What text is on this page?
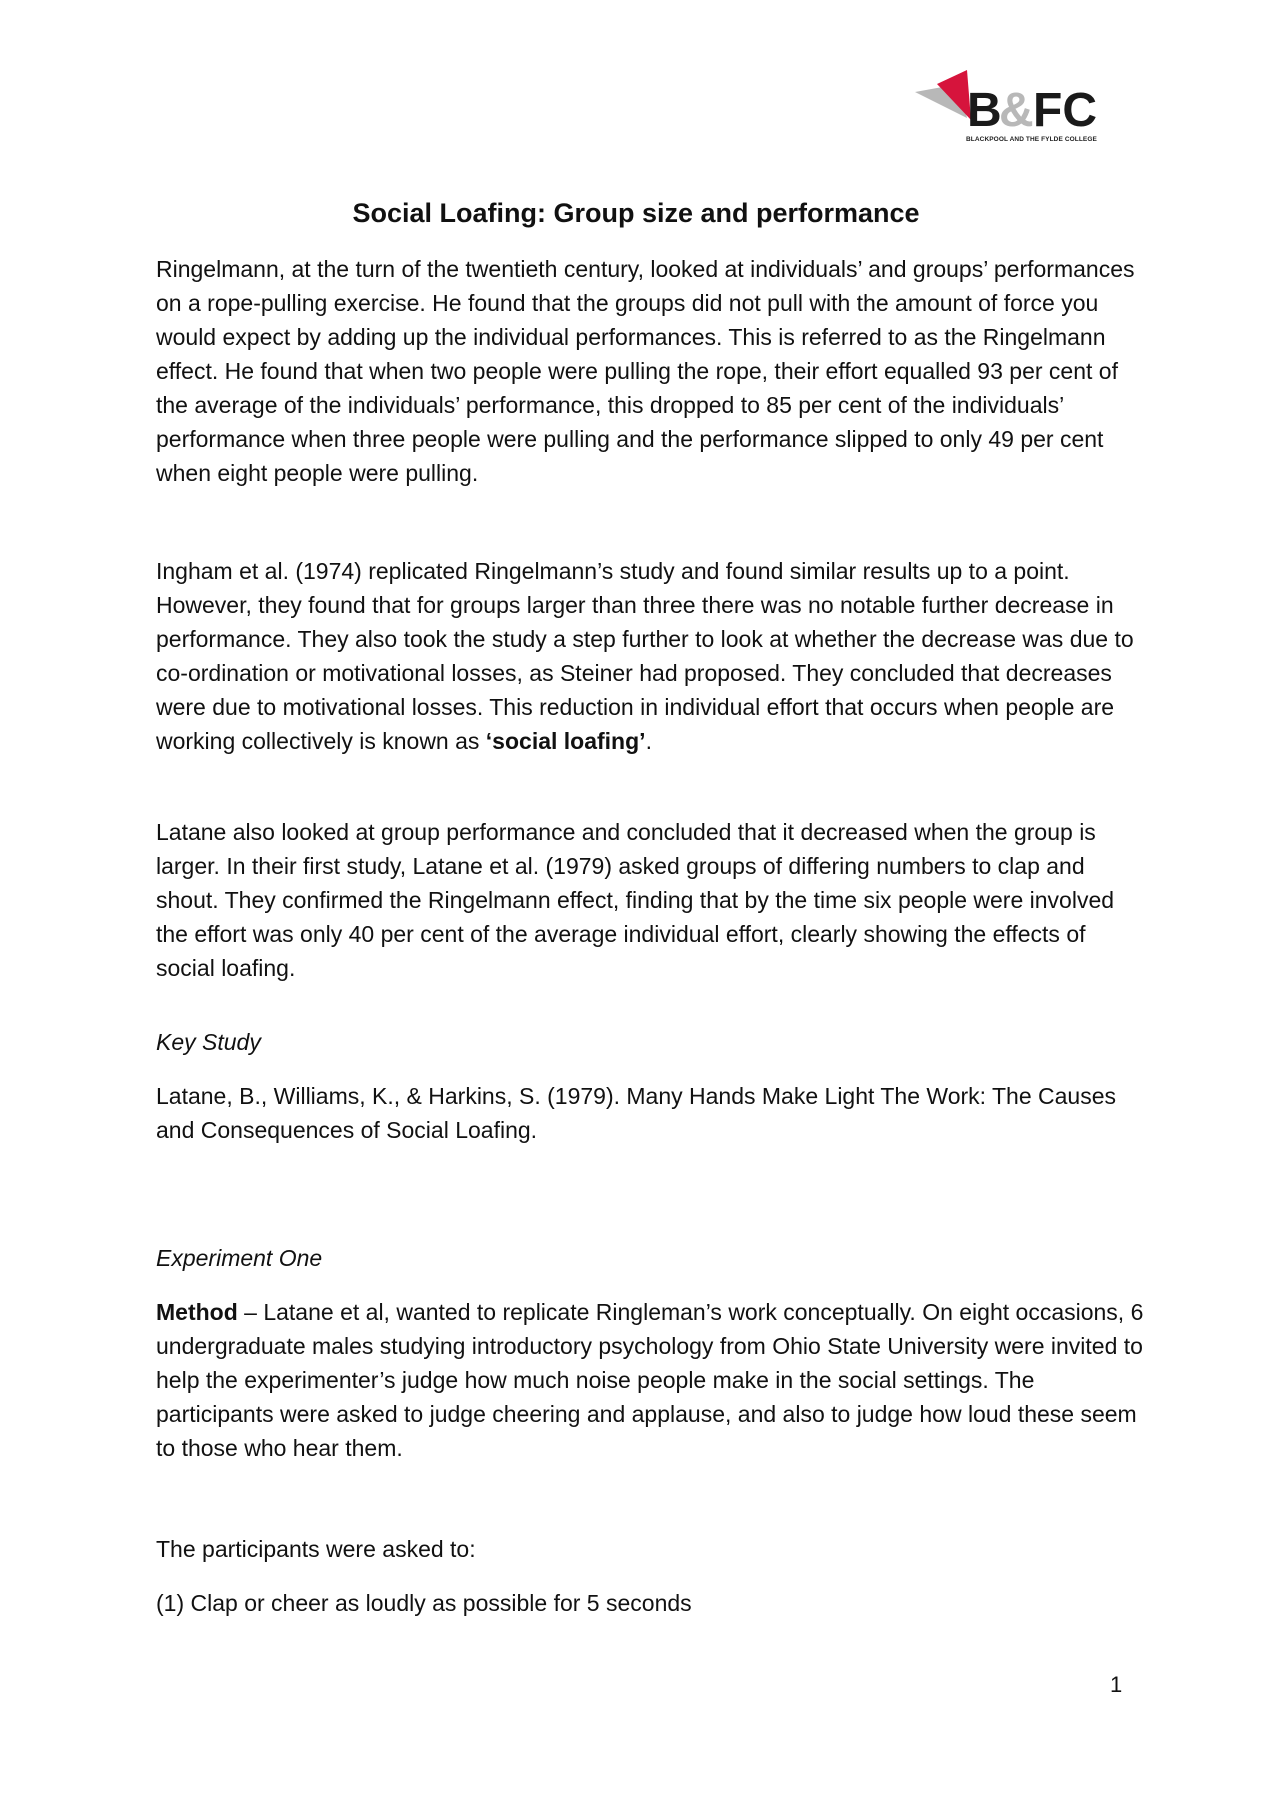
B
& FC
BLACKPOOL AND THE FYLDE COLLEGE
Social Loafing: Group size and performance

Ringelmann, at the turn of the twentieth century, looked at individuals’ and groups’ performances on a rope-pulling exercise. He found that the groups did not pull with the amount of force you would expect by adding up the individual performances. This is referred to as the Ringelmann effect. He found that when two people were pulling the rope, their effort equalled 93 per cent of the average of the individuals’ performance, this dropped to 85 per cent of the individuals’ performance when three people were pulling and the performance slipped to only 49 per cent when eight people were pulling.

Ingham et al. (1974) replicated Ringelmann’s study and found similar results up to a point. However, they found that for groups larger than three there was no notable further decrease in performance. They also took the study a step further to look at whether the decrease was due to co-ordination or motivational losses, as Steiner had proposed. They concluded that decreases were due to motivational losses. This reduction in individual effort that occurs when people are working collectively is known as ‘social loafing’.

Latane also looked at group performance and concluded that it decreased when the group is larger. In their first study, Latane et al. (1979) asked groups of differing numbers to clap and shout. They confirmed the Ringelmann effect, finding that by the time six people were involved the effort was only 40 per cent of the average individual effort, clearly showing the effects of social loafing.

Key Study

Latane, B., Williams, K., & Harkins, S. (1979). Many Hands Make Light The Work: The Causes and Consequences of Social Loafing.

Experiment One

Method – Latane et al, wanted to replicate Ringleman’s work conceptually. On eight occasions, 6 undergraduate males studying introductory psychology from Ohio State University were invited to help the experimenter’s judge how much noise people make in the social settings. The participants were asked to judge cheering and applause, and also to judge how loud these seem to those who hear them.

The participants were asked to:

(1) Clap or cheer as loudly as possible for 5 seconds

1
